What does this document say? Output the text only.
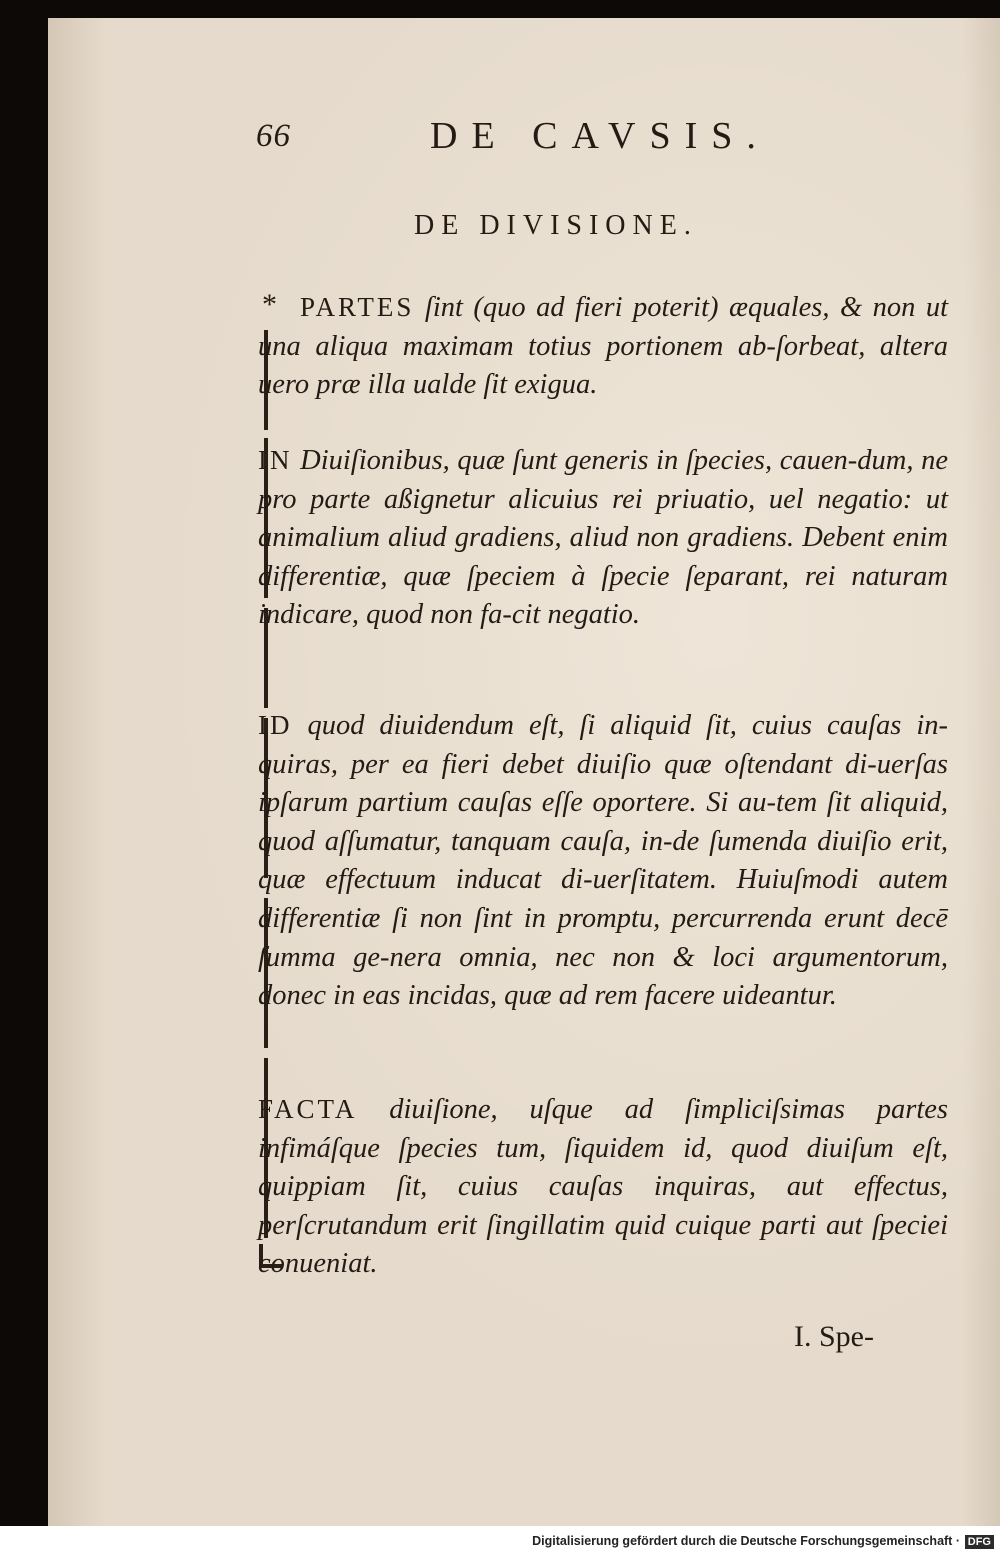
66	DE CAVSIS.
DE DIVISIONE.
* PARTES ſint (quo ad fieri poterit) æquales, & non ut una aliqua maximam totius portionem ab‐ſorbeat, altera uero præ illa ualde ſit exigua.
IN Diuiſionibus, quæ ſunt generis in ſpecies, cauen‐dum, ne pro parte aßignetur alicuius rei priuatio, uel negatio: ut animalium aliud gradiens, aliud non gradiens. Debent enim differentiæ, quæ ſpeciem à ſpecie ſeparant, rei naturam indicare, quod non fa‐cit negatio.
ID quod diuidendum eſt, ſi aliquid ſit, cuius cauſas in‐quiras, per ea fieri debet diuiſio quæ oſtendant di‐uerſas ipſarum partium cauſas eſſe oportere. Si au‐tem ſit aliquid, quod aſſumatur, tanquam cauſa, in‐de ſumenda diuiſio erit, quæ effectuum inducat di‐uerſitatem. Huiuſmodi autem differentiæ ſi non ſint in promptu, percurrenda erunt decē ſumma ge‐nera omnia, nec non & loci argumentorum, donec in eas incidas, quæ ad rem facere uideantur.
FACTA diuiſione, uſque ad ſimpliciſsimas partes infimáſque ſpecies tum, ſiquidem id, quod diuiſum eſt, quippiam ſit, cuius cauſas inquiras, aut effectus, perſcrutandum erit ſingillatim quid cuique parti aut ſpeciei conueniat.
I. Spe‐
Digitalisierung gefördert durch die Deutsche Forschungsgemeinschaft · DFG
